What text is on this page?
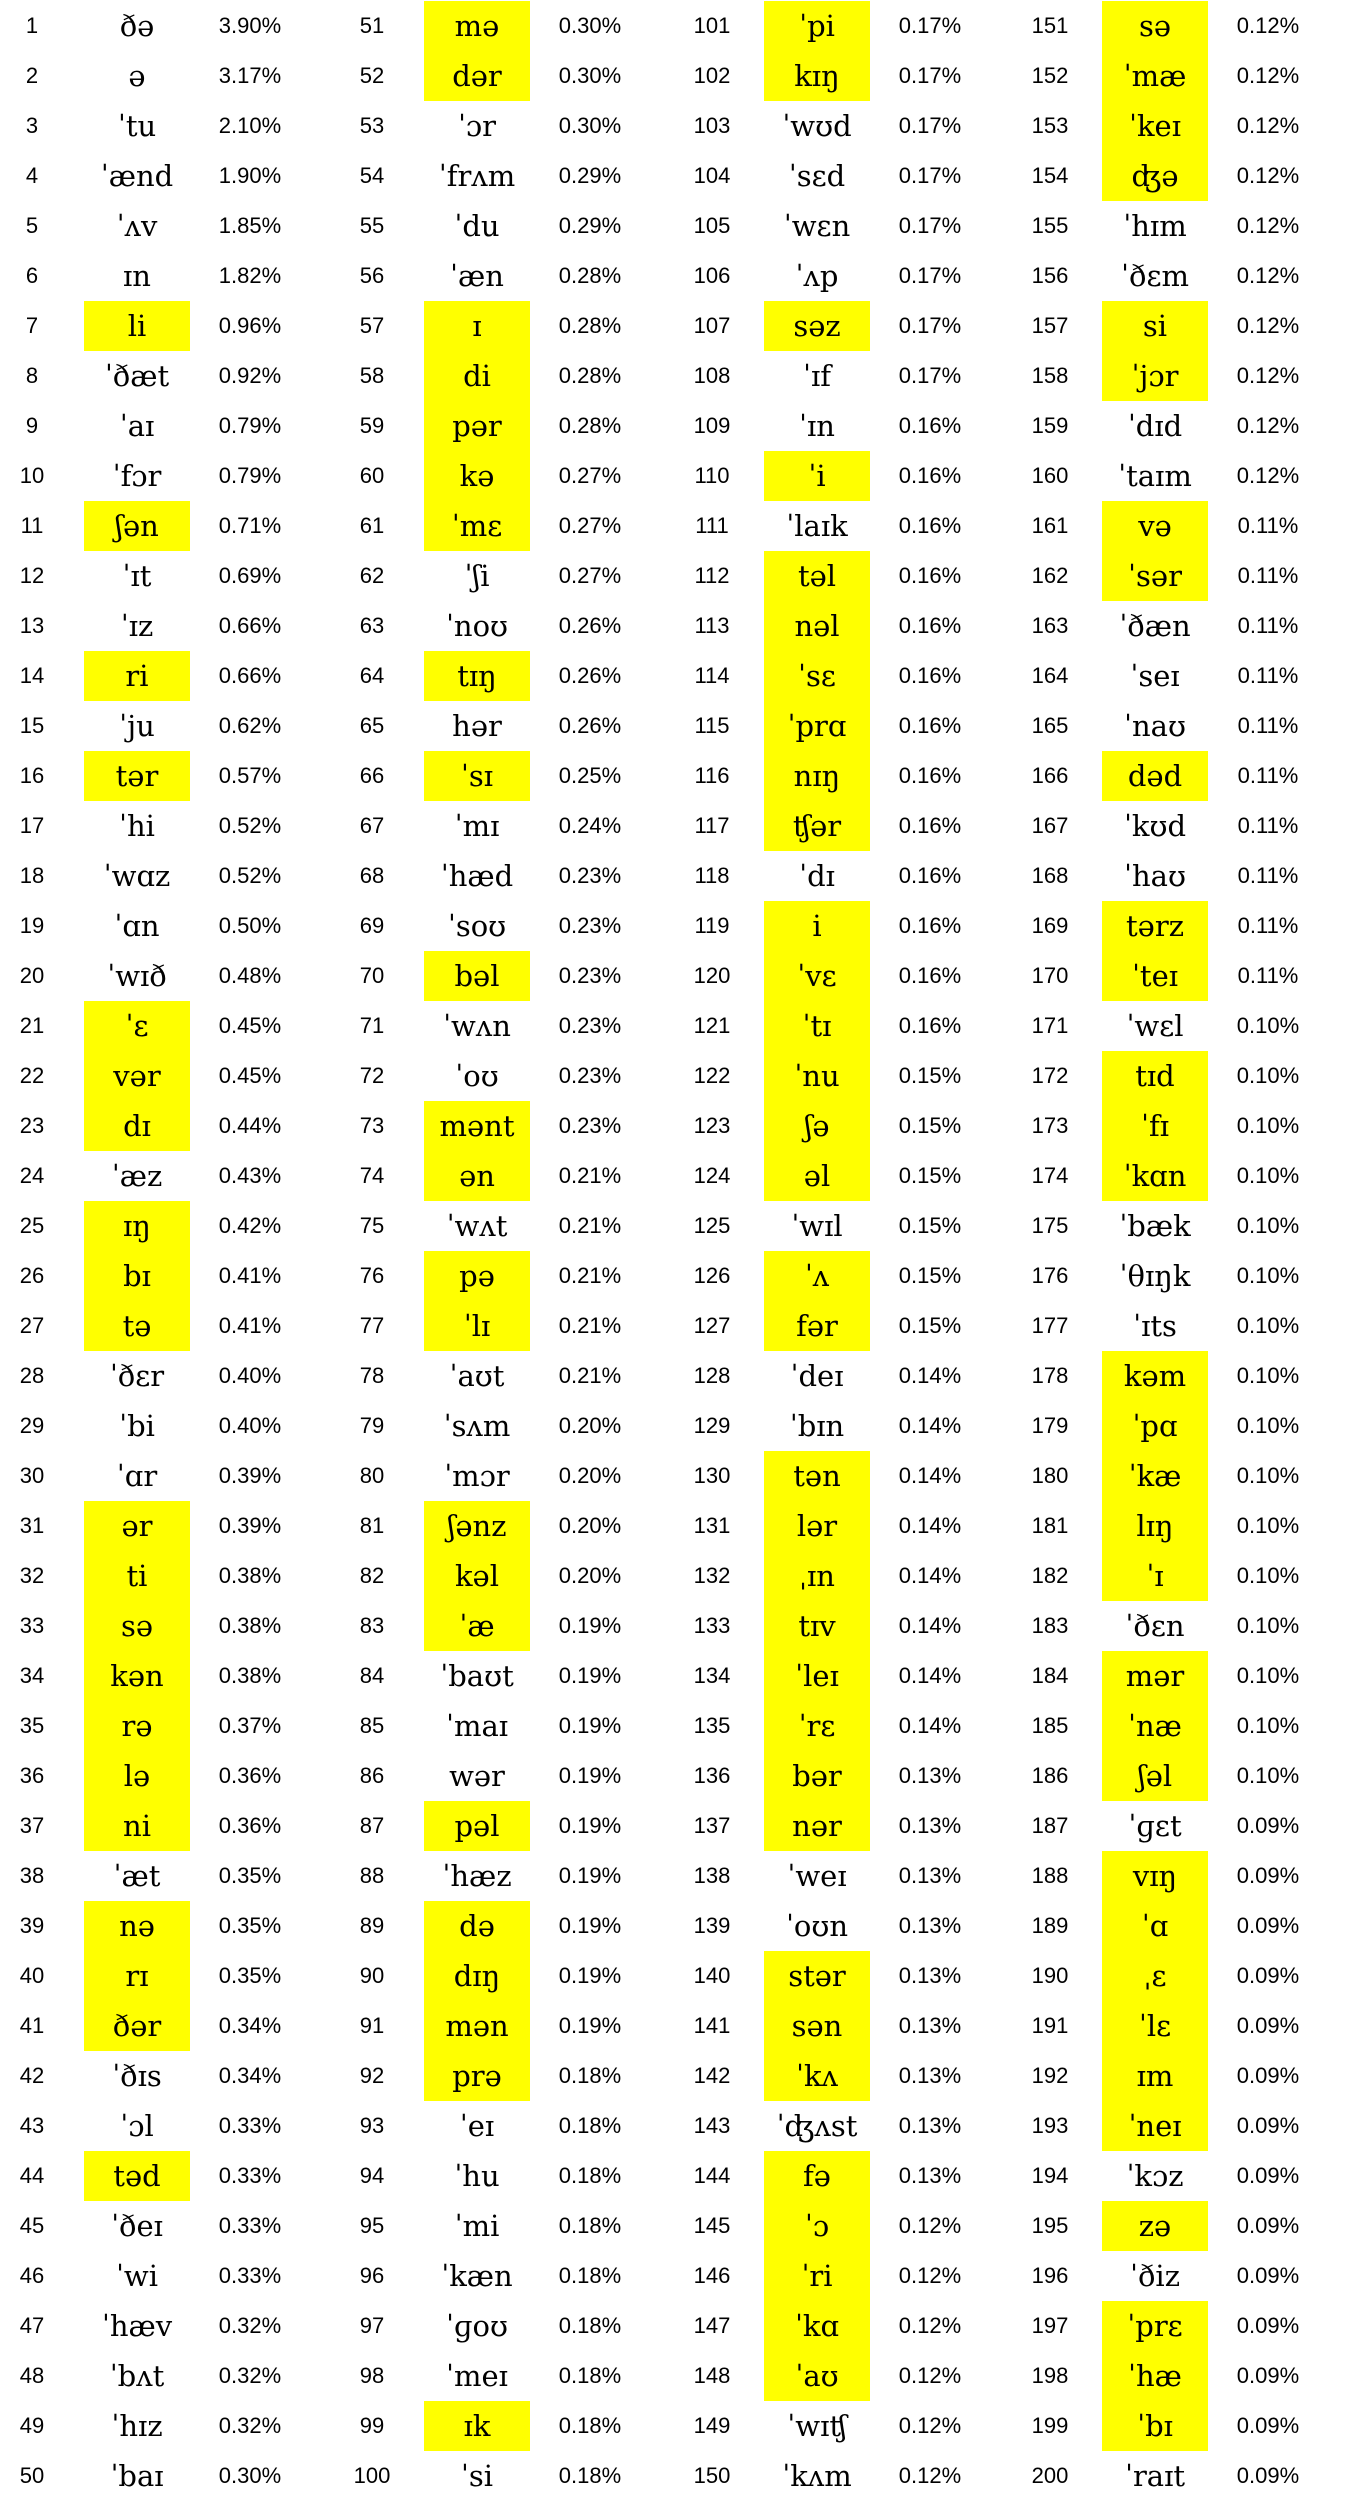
1	ðə	3.90%
2	ə	3.17%
3	ˈtu	2.10%
4	ˈænd	1.90%
5	ˈʌv	1.85%
6	ɪn	1.82%
7	li	0.96%
8	ˈðæt	0.92%
9	ˈaɪ	0.79%
10	ˈfɔr	0.79%
11	ʃən	0.71%
12	ˈɪt	0.69%
13	ˈɪz	0.66%
14	ri	0.66%
15	ˈju	0.62%
16	tər	0.57%
17	ˈhi	0.52%
18	ˈwɑz	0.52%
19	ˈɑn	0.50%
20	ˈwɪð	0.48%
21	ˈɛ	0.45%
22	vər	0.45%
23	dɪ	0.44%
24	ˈæz	0.43%
25	ɪŋ	0.42%
26	bɪ	0.41%
27	tə	0.41%
28	ˈðɛr	0.40%
29	ˈbi	0.40%
30	ˈɑr	0.39%
31	ər	0.39%
32	ti	0.38%
33	sə	0.38%
34	kən	0.38%
35	rə	0.37%
36	lə	0.36%
37	ni	0.36%
38	ˈæt	0.35%
39	nə	0.35%
40	rɪ	0.35%
41	ðər	0.34%
42	ˈðɪs	0.34%
43	ˈɔl	0.33%
44	təd	0.33%
45	ˈðeɪ	0.33%
46	ˈwi	0.33%
47	ˈhæv	0.32%
48	ˈbʌt	0.32%
49	ˈhɪz	0.32%
50	ˈbaɪ	0.30%
51	mə	0.30%
52	dər	0.30%
53	ˈɔr	0.30%
54	ˈfrʌm	0.29%
55	ˈdu	0.29%
56	ˈæn	0.28%
57	ɪ	0.28%
58	di	0.28%
59	pər	0.28%
60	kə	0.27%
61	ˈmɛ	0.27%
62	ˈʃi	0.27%
63	ˈnoʊ	0.26%
64	tɪŋ	0.26%
65	hər	0.26%
66	ˈsɪ	0.25%
67	ˈmɪ	0.24%
68	ˈhæd	0.23%
69	ˈsoʊ	0.23%
70	bəl	0.23%
71	ˈwʌn	0.23%
72	ˈoʊ	0.23%
73	mənt	0.23%
74	ən	0.21%
75	ˈwʌt	0.21%
76	pə	0.21%
77	ˈlɪ	0.21%
78	ˈaʊt	0.21%
79	ˈsʌm	0.20%
80	ˈmɔr	0.20%
81	ʃənz	0.20%
82	kəl	0.20%
83	ˈæ	0.19%
84	ˈbaʊt	0.19%
85	ˈmaɪ	0.19%
86	wər	0.19%
87	pəl	0.19%
88	ˈhæz	0.19%
89	də	0.19%
90	dɪŋ	0.19%
91	mən	0.19%
92	prə	0.18%
93	ˈeɪ	0.18%
94	ˈhu	0.18%
95	ˈmi	0.18%
96	ˈkæn	0.18%
97	ˈɡoʊ	0.18%
98	ˈmeɪ	0.18%
99	ɪk	0.18%
100	ˈsi	0.18%
101	ˈpi	0.17%
102	kɪŋ	0.17%
103	ˈwʊd	0.17%
104	ˈsɛd	0.17%
105	ˈwɛn	0.17%
106	ˈʌp	0.17%
107	səz	0.17%
108	ˈɪf	0.17%
109	ˈɪn	0.16%
110	ˈi	0.16%
111	ˈlaɪk	0.16%
112	təl	0.16%
113	nəl	0.16%
114	ˈsɛ	0.16%
115	ˈprɑ	0.16%
116	nɪŋ	0.16%
117	ʧər	0.16%
118	ˈdɪ	0.16%
119	i	0.16%
120	ˈvɛ	0.16%
121	ˈtɪ	0.16%
122	ˈnu	0.15%
123	ʃə	0.15%
124	əl	0.15%
125	ˈwɪl	0.15%
126	ˈʌ	0.15%
127	fər	0.15%
128	ˈdeɪ	0.14%
129	ˈbɪn	0.14%
130	tən	0.14%
131	lər	0.14%
132	ˌɪn	0.14%
133	tɪv	0.14%
134	ˈleɪ	0.14%
135	ˈrɛ	0.14%
136	bər	0.13%
137	nər	0.13%
138	ˈweɪ	0.13%
139	ˈoʊn	0.13%
140	stər	0.13%
141	sən	0.13%
142	ˈkʌ	0.13%
143	ˈʤʌst	0.13%
144	fə	0.13%
145	ˈɔ	0.12%
146	ˈri	0.12%
147	ˈkɑ	0.12%
148	ˈaʊ	0.12%
149	ˈwɪʧ	0.12%
150	ˈkʌm	0.12%
151	sə	0.12%
152	ˈmæ	0.12%
153	ˈkeɪ	0.12%
154	ʤə	0.12%
155	ˈhɪm	0.12%
156	ˈðɛm	0.12%
157	si	0.12%
158	ˈjɔr	0.12%
159	ˈdɪd	0.12%
160	ˈtaɪm	0.12%
161	və	0.11%
162	ˈsər	0.11%
163	ˈðæn	0.11%
164	ˈseɪ	0.11%
165	ˈnaʊ	0.11%
166	dəd	0.11%
167	ˈkʊd	0.11%
168	ˈhaʊ	0.11%
169	tərz	0.11%
170	ˈteɪ	0.11%
171	ˈwɛl	0.10%
172	tɪd	0.10%
173	ˈfɪ	0.10%
174	ˈkɑn	0.10%
175	ˈbæk	0.10%
176	ˈθɪŋk	0.10%
177	ˈɪts	0.10%
178	kəm	0.10%
179	ˈpɑ	0.10%
180	ˈkæ	0.10%
181	lɪŋ	0.10%
182	ˈɪ	0.10%
183	ˈðɛn	0.10%
184	mər	0.10%
185	ˈnæ	0.10%
186	ʃəl	0.10%
187	ˈɡɛt	0.09%
188	vɪŋ	0.09%
189	ˈɑ	0.09%
190	ˌɛ	0.09%
191	ˈlɛ	0.09%
192	ɪm	0.09%
193	ˈneɪ	0.09%
194	ˈkɔz	0.09%
195	zə	0.09%
196	ˈðiz	0.09%
197	ˈprɛ	0.09%
198	ˈhæ	0.09%
199	ˈbɪ	0.09%
200	ˈraɪt	0.09%
